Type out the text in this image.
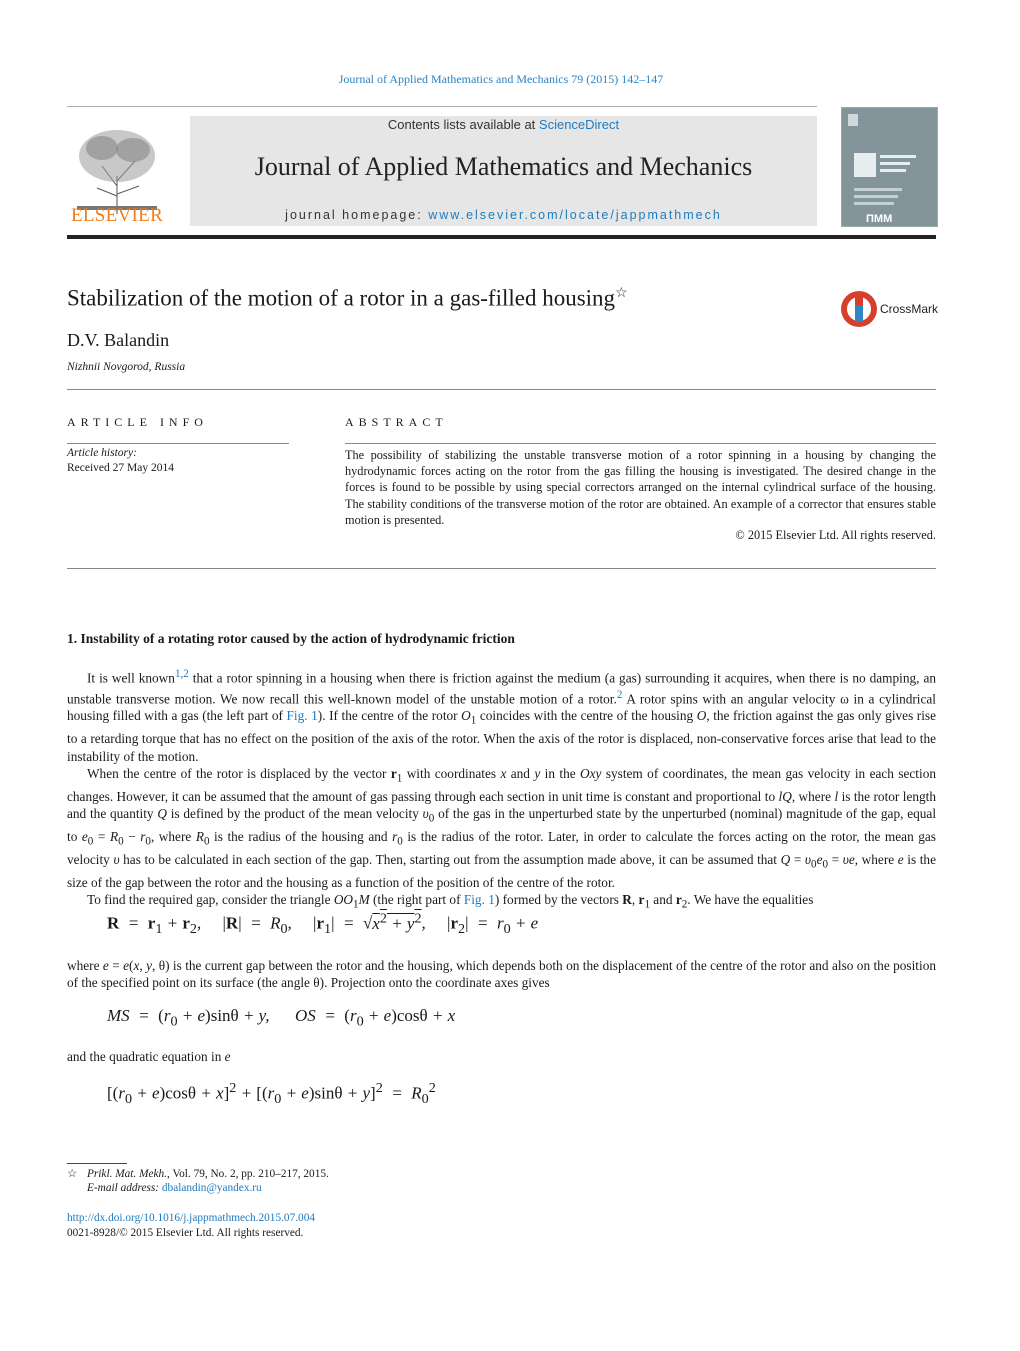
Journal of Applied Mathematics and Mechanics 79 (2015) 142–147
ELSEVIER
Contents lists available at ScienceDirect
Journal of Applied Mathematics and Mechanics
journal homepage: www.elsevier.com/locate/jappmathmech	ПММ
Stabilization of the motion of a rotor in a gas-filled housing☆
CrossMark
D.V. Balandin
Nizhnii Novgorod, Russia
ARTICLE INFO
Article history:
Received 27 May 2014
ABSTRACT
The possibility of stabilizing the unstable transverse motion of a rotor spinning in a housing by changing the hydrodynamic forces acting on the rotor from the gas filling the housing is investigated. The desired change in the forces is found to be possible by using special correctors arranged on the internal cylindrical surface of the housing. The stability conditions of the transverse motion of the rotor are obtained. An example of a corrector that ensures stable motion is presented.
© 2015 Elsevier Ltd. All rights reserved.
1. Instability of a rotating rotor caused by the action of hydrodynamic friction

It is well known$^{1,2}$ that a rotor spinning in a housing when there is friction against the medium (a gas) surrounding it acquires, when there is no damping, an unstable transverse motion. We now recall this well-known model of the unstable motion of a rotor.$^2$ A rotor spins with an angular velocity ω in a cylindrical housing filled with a gas (the left part of Fig. 1). If the centre of the rotor $O_1$ coincides with the centre of the housing O, the friction against the gas only gives rise to a retarding torque that has no effect on the position of the axis of the rotor. When the axis of the rotor is displaced, non-conservative forces arise that lead to the instability of the motion.

When the centre of the rotor is displaced by the vector $r_1$ with coordinates x and y in the Oxy system of coordinates, the mean gas velocity in each section changes. However, it can be assumed that the amount of gas passing through each section in unit time is constant and proportional to lQ, where l is the rotor length and the quantity Q is defined by the product of the mean velocity $\upsilon_0$ of the gas in the unperturbed state by the unperturbed (nominal) magnitude of the gap, equal to $e_0 = R_0 - r_0$, where $R_0$ is the radius of the housing and $r_0$ is the radius of the rotor. Later, in order to calculate the forces acting on the rotor, the mean gas velocity υ has to be calculated in each section of the gap. Then, starting out from the assumption made above, it can be assumed that $Q = \upsilon_0e_0 = \upsilon e$, where e is the size of the gap between the rotor and the housing as a function of the position of the centre of the rotor.

To find the required gap, consider the triangle $OO_1M$ (the right part of Fig. 1) formed by the vectors R, $r_1$ and $r_2$. We have the equalities

$R = r_1 + r_2$,     $|R| = R_0$,     $|r_1| = √x^2 + y^2$,     $|r_2| = r_0 + e$

where e = e(x, y, θ) is the current gap between the rotor and the housing, which depends both on the displacement of the centre of the rotor and also on the position of the specified point on its surface (the angle θ). Projection onto the coordinate axes gives

MS  =  $(r_0 + e)\sin\theta + y$,      OS  =  $(r_0 + e)\cos\theta + x$

and the quadratic equation in e

$[(r_0 + e)\cos\theta + x]^2 + [(r_0 + e)\sin\theta + y]^2 = R_0^2$
☆ Prikl. Mat. Mekh., Vol. 79, No. 2, pp. 210–217, 2015.
E-mail address: dbalandin@yandex.ru
http://dx.doi.org/10.1016/j.jappmathmech.2015.07.004
0021-8928/© 2015 Elsevier Ltd. All rights reserved.
